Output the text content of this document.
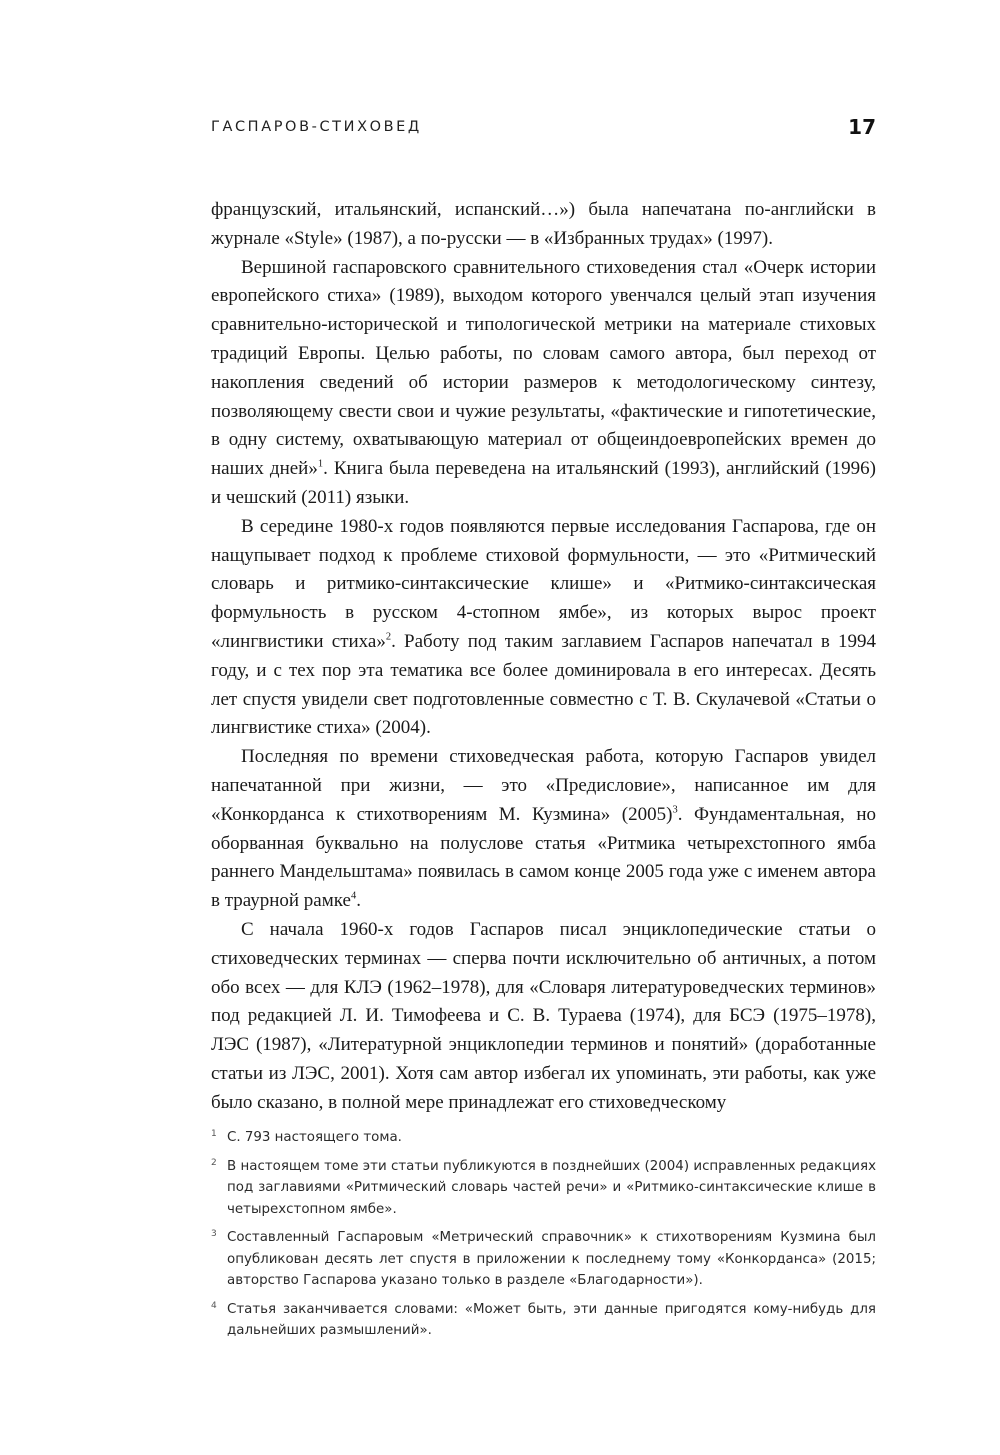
ГАСПАРОВ-СТИХОВЕД	17

французский, итальянский, испанский…») была напечатана по-английски в журнале «Style» (1987), а по-русски — в «Избранных трудах» (1997).

Вершиной гаспаровского сравнительного стиховедения стал «Очерк истории европейского стиха» (1989), выходом которого увенчался целый этап изучения сравнительно-исторической и типологической метрики на материале стиховых традиций Европы. Целью работы, по словам самого автора, был переход от накопления сведений об истории размеров к методологическому синтезу, позволяющему свести свои и чужие результаты, «фактические и гипотетические, в одну систему, охватывающую материал от общеиндоевропейских времен до наших дней»$^1$. Книга была переведена на итальянский (1993), английский (1996) и чешский (2011) языки.

В середине 1980-х годов появляются первые исследования Гаспарова, где он нащупывает подход к проблеме стиховой формульности, — это «Ритмический словарь и ритмико-синтаксические клише» и «Ритмико-синтаксическая формульность в русском 4-стопном ямбе», из которых вырос проект «лингвистики стиха»$^2$. Работу под таким заглавием Гаспаров напечатал в 1994 году, и с тех пор эта тематика все более доминировала в его интересах. Десять лет спустя увидели свет подготовленные совместно с Т. В. Скулачевой «Статьи о лингвистике стиха» (2004).

Последняя по времени стиховедческая работа, которую Гаспаров увидел напечатанной при жизни, — это «Предисловие», написанное им для «Конкорданса к стихотворениям М. Кузмина» $(2005)^3$. Фундаментальная, но оборванная буквально на полуслове статья «Ритмика четырехстопного ямба раннего Мандельштама» появилась в самом конце 2005 года уже с именем автора в траурной рамке$^4$.

С начала 1960-х годов Гаспаров писал энциклопедические статьи о стиховедческих терминах — сперва почти исключительно об античных, а потом обо всех — для КЛЭ (1962–1978), для «Словаря литературоведческих терминов» под редакцией Л. И. Тимофеева и С. В. Тураева (1974), для БСЭ (1975–1978), ЛЭС (1987), «Литературной энциклопедии терминов и понятий» (доработанные статьи из ЛЭС, 2001). Хотя сам автор избегал их упоминать, эти работы, как уже было сказано, в полной мере принадлежат его стиховедческому

1 С. 793 настоящего тома.
2 В настоящем томе эти статьи публикуются в позднейших (2004) исправленных редакциях под заглавиями «Ритмический словарь частей речи» и «Ритмико-синтаксические клише в четырехстопном ямбе».
3 Составленный Гаспаровым «Метрический справочник» к стихотворениям Кузмина был опубликован десять лет спустя в приложении к последнему тому «Конкорданса» (2015; авторство Гаспарова указано только в разделе «Благодарности»).
4 Статья заканчивается словами: «Может быть, эти данные пригодятся кому-нибудь для дальнейших размышлений».
